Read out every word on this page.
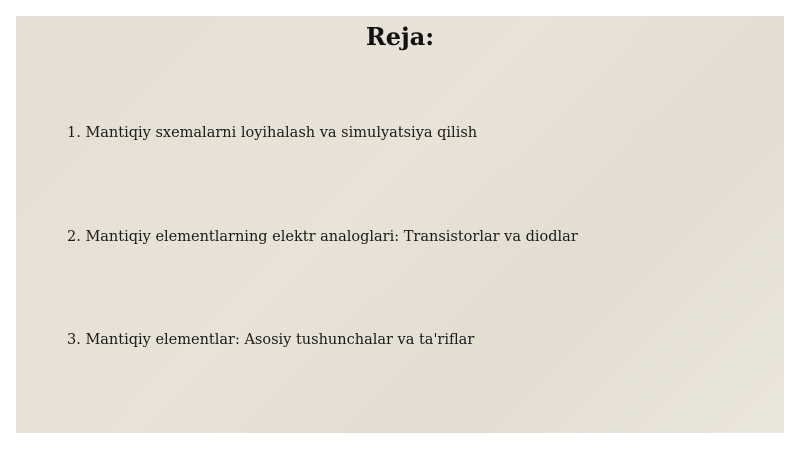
Reja:
1. Mantiqiy sxemalarni loyihalash va simulyatsiya qilish
2. Mantiqiy elementlarning elektr analoglari: Transistorlar va diodlar
3. Mantiqiy elementlar: Asosiy tushunchalar va ta'riflar
